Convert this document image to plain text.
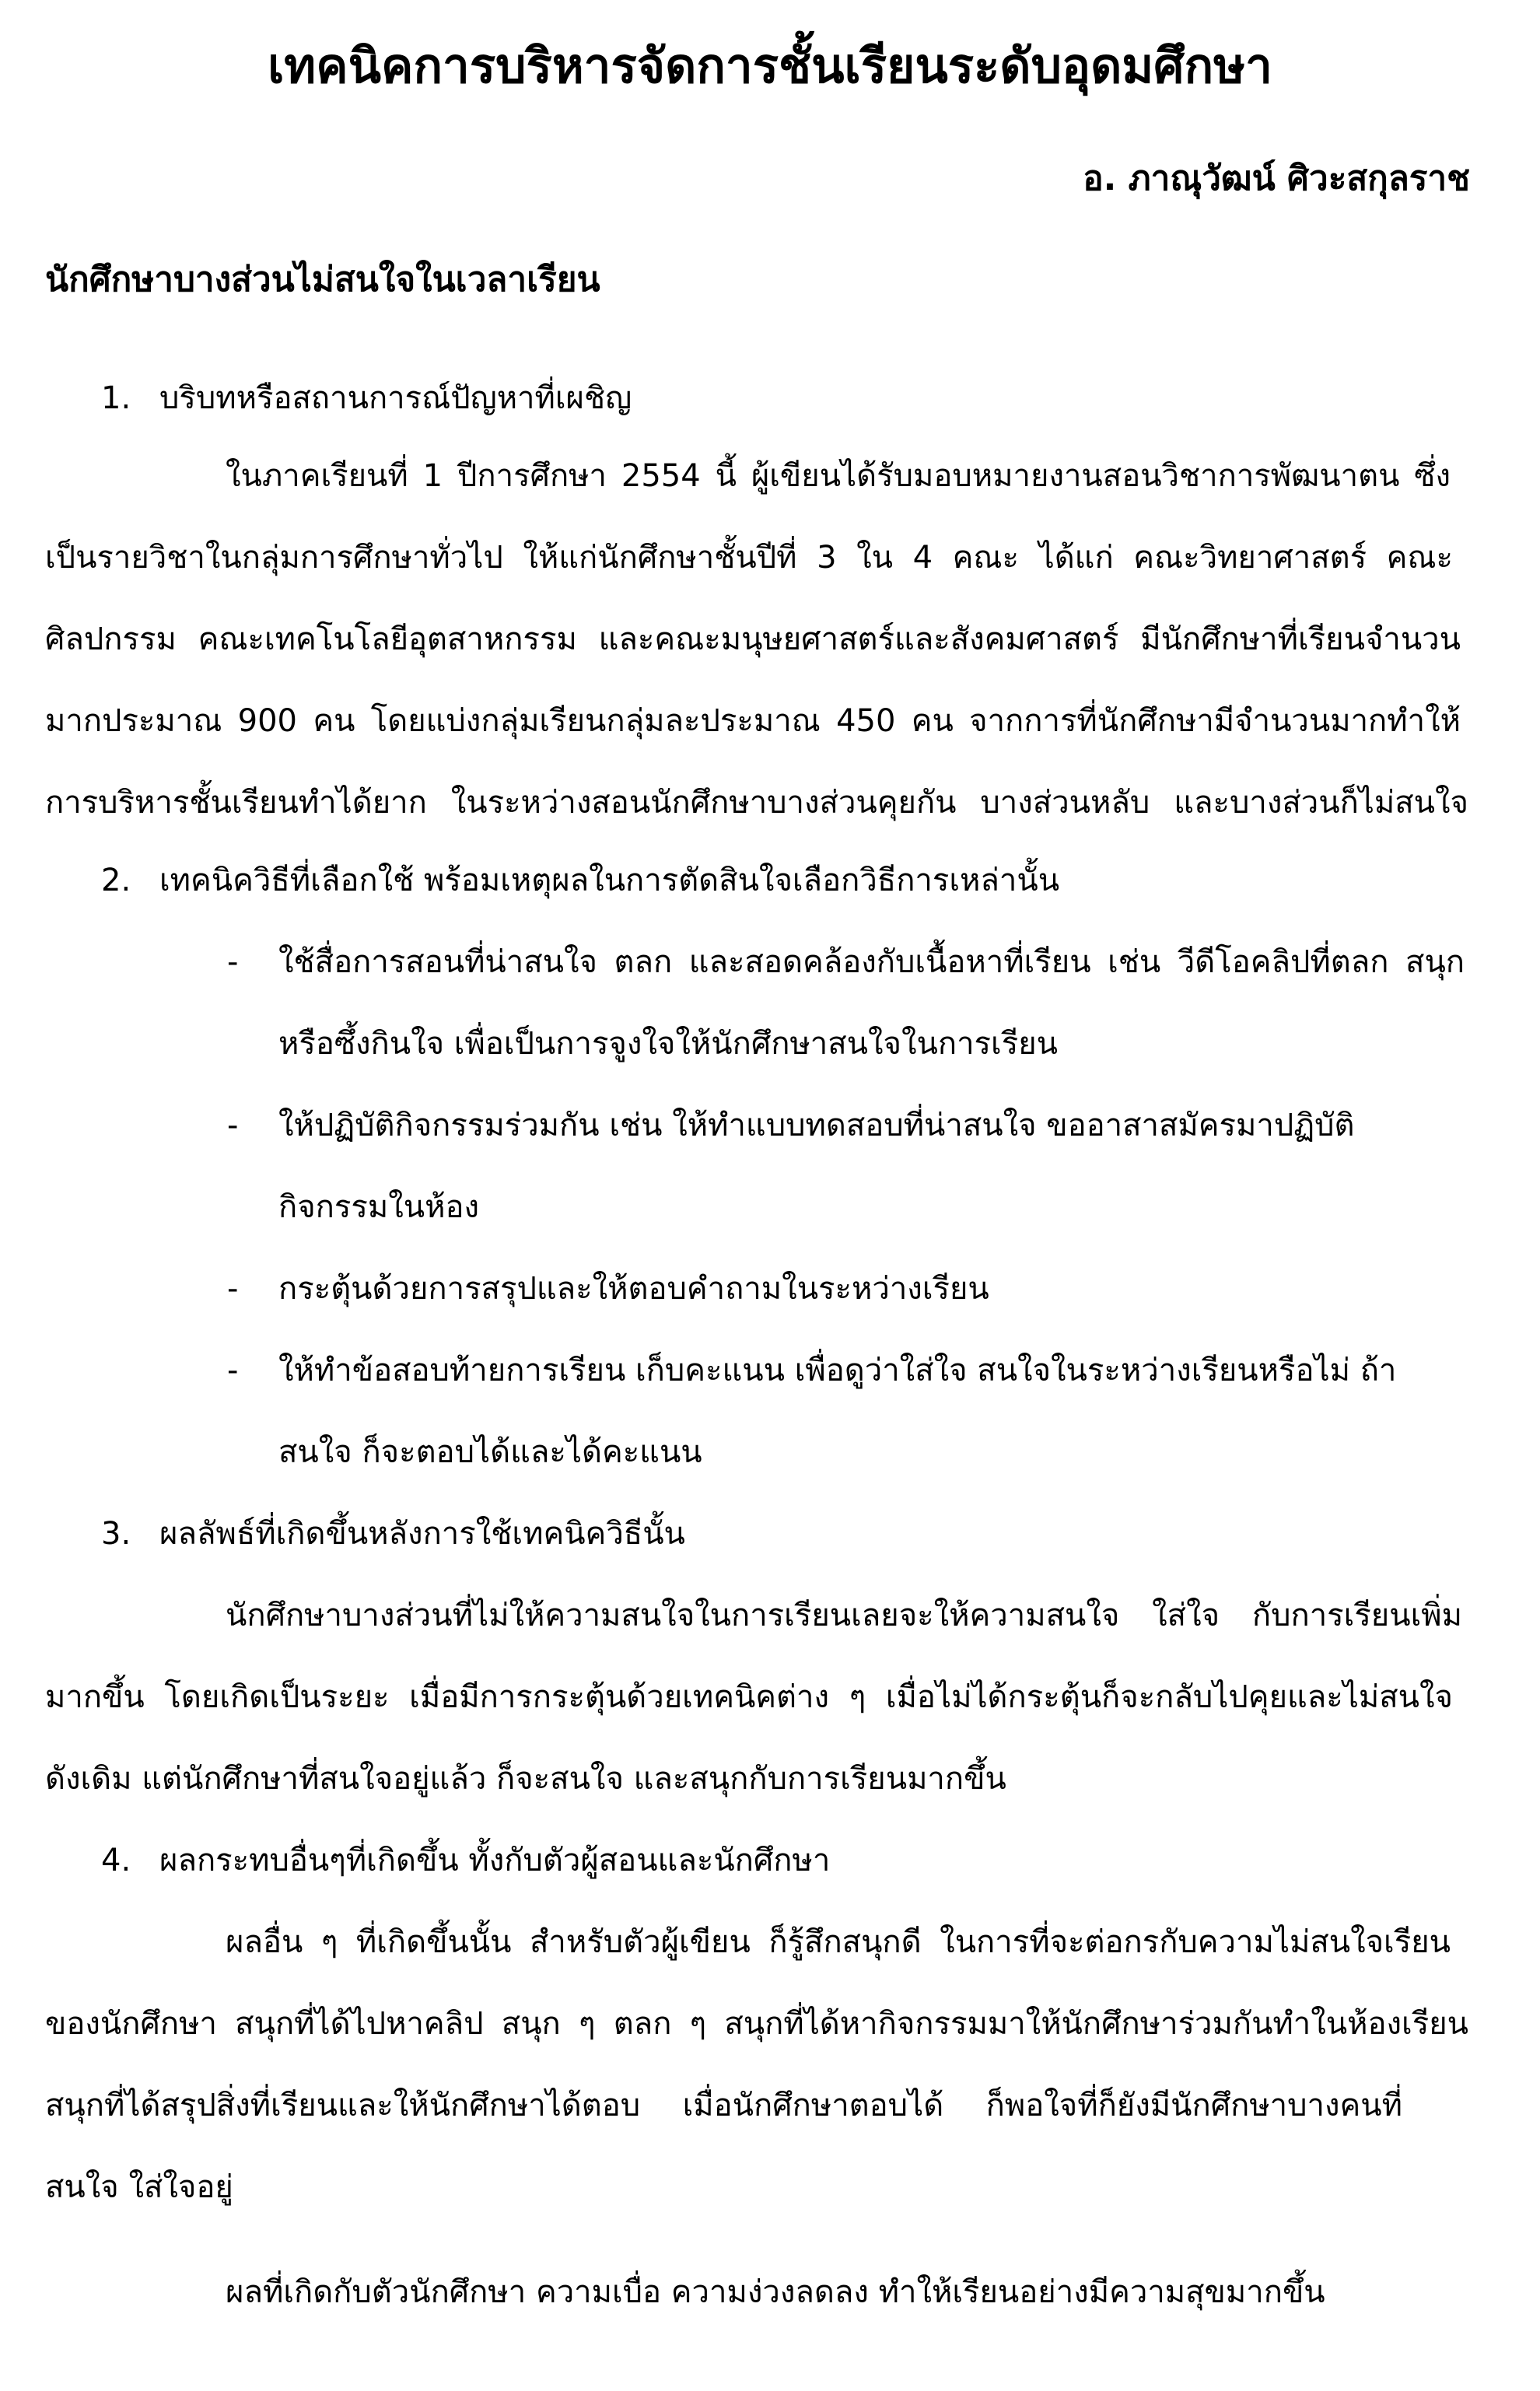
เทคนิคการบริหารจัดการชั้นเรียนระดับอุดมศึกษา
อ. ภาณุวัฒน์ ศิวะสกุลราช
นักศึกษาบางส่วนไม่สนใจในเวลาเรียน
1. บริบทหรือสถานการณ์ปัญหาที่เผชิญ
ในภาคเรียนที่ 1 ปีการศึกษา 2554 นี้ ผู้เขียนได้รับมอบหมายงานสอนวิชาการพัฒนาตน ซึ่ง
เป็นรายวิชาในกลุ่มการศึกษาทั่วไป ให้แก่นักศึกษาชั้นปีที่ 3 ใน 4 คณะ ได้แก่ คณะวิทยาศาสตร์ คณะ
ศิลปกรรม คณะเทคโนโลยีอุตสาหกรรม และคณะมนุษยศาสตร์และสังคมศาสตร์ มีนักศึกษาที่เรียนจำนวน
มากประมาณ 900 คน โดยแบ่งกลุ่มเรียนกลุ่มละประมาณ 450 คน จากการที่นักศึกษามีจำนวนมากทำให้
การบริหารชั้นเรียนทำได้ยาก ในระหว่างสอนนักศึกษาบางส่วนคุยกัน บางส่วนหลับ และบางส่วนก็ไม่สนใจ
2. เทคนิควิธีที่เลือกใช้ พร้อมเหตุผลในการตัดสินใจเลือกวิธีการเหล่านั้น
- ใช้สื่อการสอนที่น่าสนใจ ตลก และสอดคล้องกับเนื้อหาที่เรียน เช่น วีดีโอคลิปที่ตลก สนุก
หรือซึ้งกินใจ เพื่อเป็นการจูงใจให้นักศึกษาสนใจในการเรียน
- ให้ปฏิบัติกิจกรรมร่วมกัน เช่น ให้ทำแบบทดสอบที่น่าสนใจ ขออาสาสมัครมาปฏิบัติ
กิจกรรมในห้อง
- กระตุ้นด้วยการสรุปและให้ตอบคำถามในระหว่างเรียน
- ให้ทำข้อสอบท้ายการเรียน เก็บคะแนน เพื่อดูว่าใส่ใจ สนใจในระหว่างเรียนหรือไม่ ถ้า
สนใจ ก็จะตอบได้และได้คะแนน
3. ผลลัพธ์ที่เกิดขึ้นหลังการใช้เทคนิควิธีนั้น
นักศึกษาบางส่วนที่ไม่ให้ความสนใจในการเรียนเลยจะให้ความสนใจ ใส่ใจ กับการเรียนเพิ่ม
มากขึ้น โดยเกิดเป็นระยะ เมื่อมีการกระตุ้นด้วยเทคนิคต่าง ๆ เมื่อไม่ได้กระตุ้นก็จะกลับไปคุยและไม่สนใจ
ดังเดิม แต่นักศึกษาที่สนใจอยู่แล้ว ก็จะสนใจ และสนุกกับการเรียนมากขึ้น
4. ผลกระทบอื่นๆที่เกิดขึ้น ทั้งกับตัวผู้สอนและนักศึกษา
ผลอื่น ๆ ที่เกิดขึ้นนั้น สำหรับตัวผู้เขียน ก็รู้สึกสนุกดี ในการที่จะต่อกรกับความไม่สนใจเรียน
ของนักศึกษา สนุกที่ได้ไปหาคลิป สนุก ๆ ตลก ๆ สนุกที่ได้หากิจกรรมมาให้นักศึกษาร่วมกันทำในห้องเรียน
สนุกที่ได้สรุปสิ่งที่เรียนและให้นักศึกษาได้ตอบ เมื่อนักศึกษาตอบได้ ก็พอใจที่ก็ยังมีนักศึกษาบางคนที่
สนใจ ใส่ใจอยู่
ผลที่เกิดกับตัวนักศึกษา ความเบื่อ ความง่วงลดลง ทำให้เรียนอย่างมีความสุขมากขึ้น
